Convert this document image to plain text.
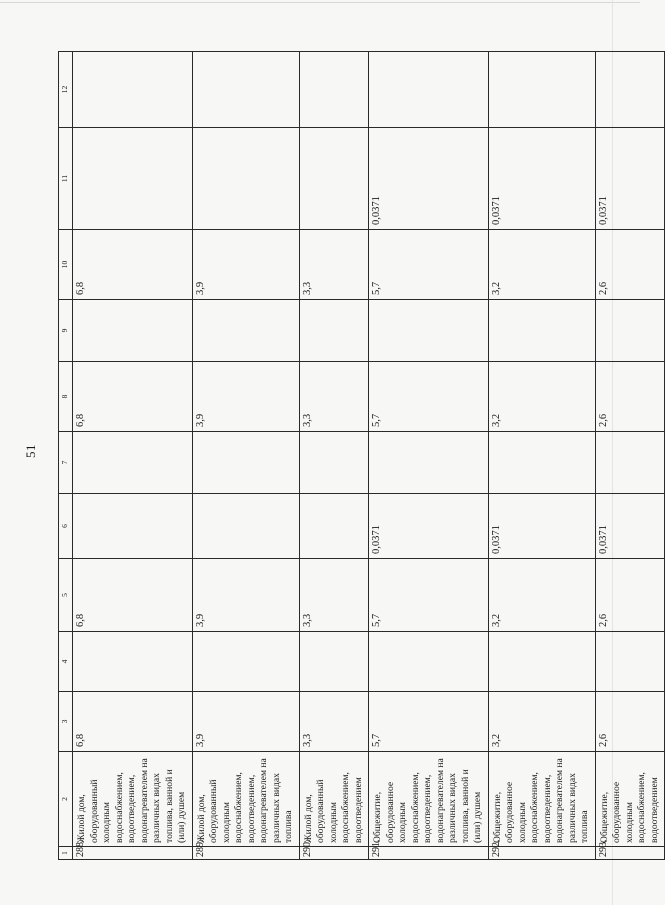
51
1	2	3	4	5	6	7	8	9	10	11	12
288.	Жилой дом, оборудованный холодным водоснабжением, водоотведением, водонагревателем на различных видах топлива, ванной и (или) душем	6,8		6,8			6,8		6,8		
289.	Жилой дом, оборудованный холодным водоснабжением, водоотведением, водонагревателем на различных видах топлива	3,9		3,9			3,9		3,9		
290.	Жилой дом, оборудованный холодным водоснабжением, водоотведением	3,3		3,3			3,3		3,3		
291.	Общежитие, оборудованное холодным водоснабжением, водоотведением, водонагревателем на различных видах топлива, ванной и (или) душем	5,7		5,7	0,0371		5,7		5,7	0,0371	
292.	Общежитие, оборудованное холодным водоснабжением, водоотведением, водонагревателем на различных видах топлива	3,2		3,2	0,0371		3,2		3,2	0,0371	
293.	Общежитие, оборудованное холодным водоснабжением, водоотведением	2,6		2,6	0,0371		2,6		2,6	0,0371	
